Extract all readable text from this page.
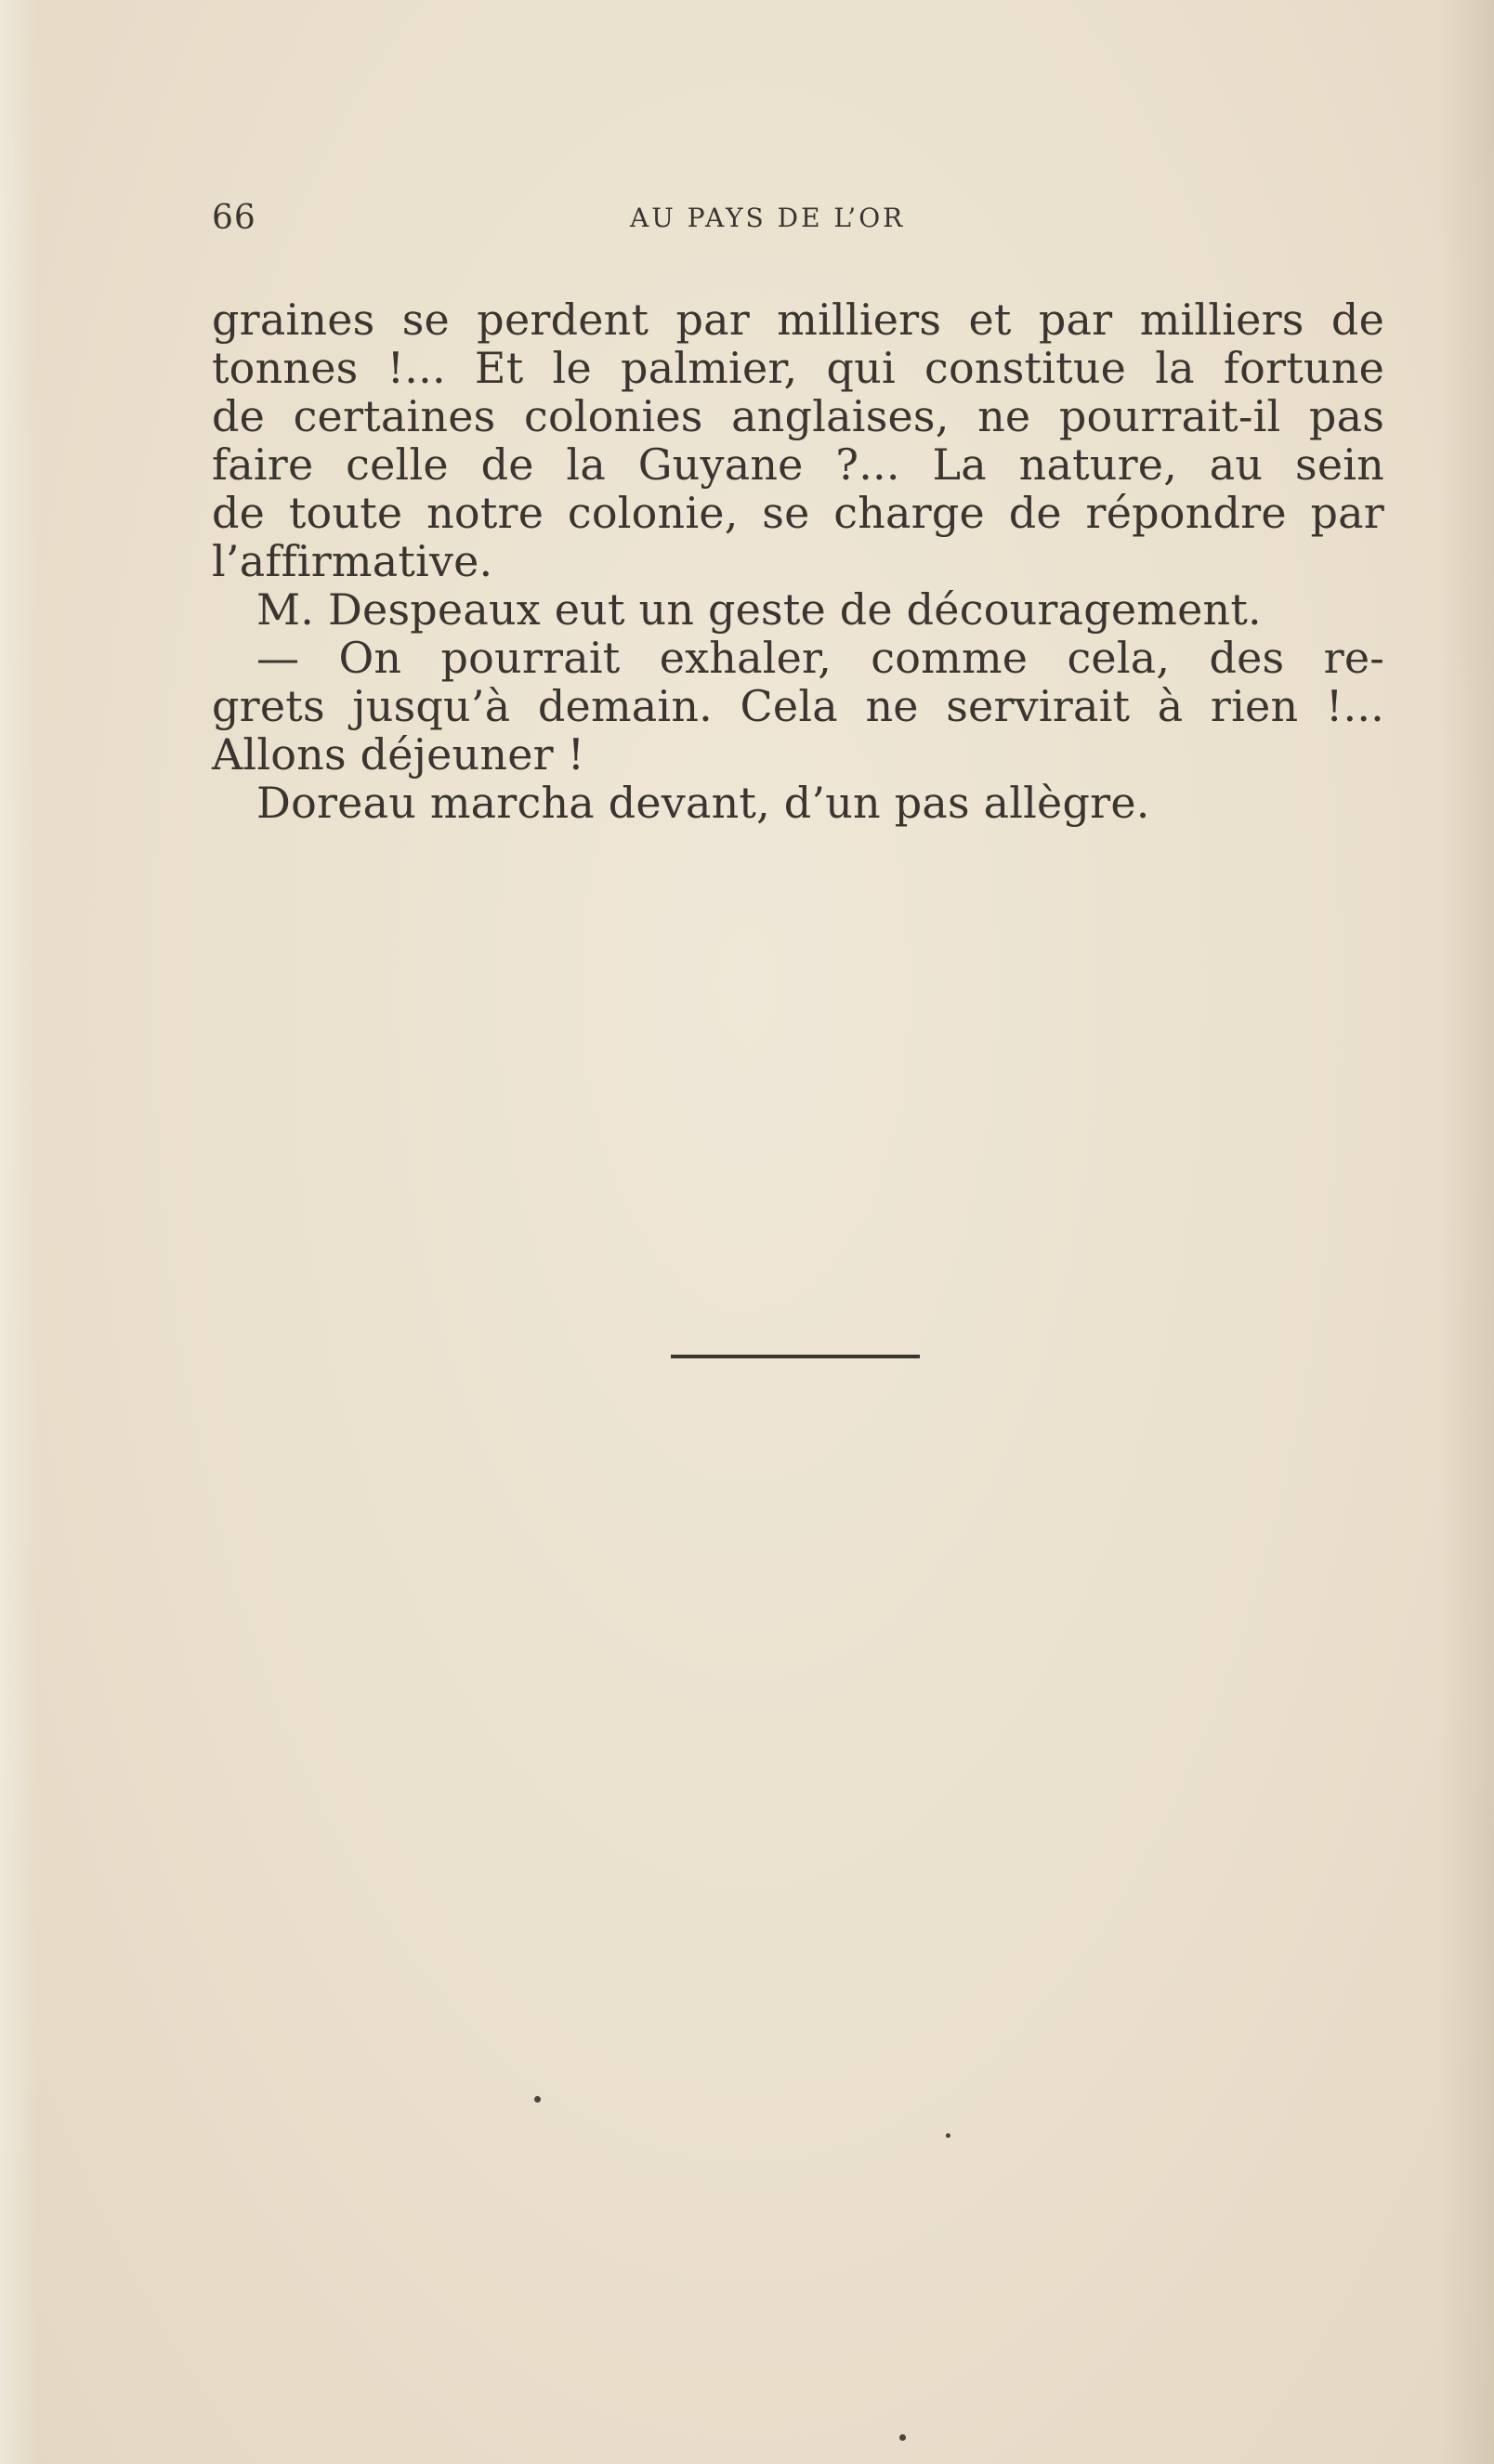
66	AU PAYS DE L’OR
graines se perdent par milliers et par milliers de
tonnes !... Et le palmier, qui constitue la fortune
de certaines colonies anglaises, ne pourrait-il pas
faire celle de la Guyane ?... La nature, au sein
de toute notre colonie, se charge de répondre par
l’affirmative.
M. Despeaux eut un geste de découragement.
— On pourrait exhaler, comme cela, des re-
grets jusqu’à demain. Cela ne servirait à rien !...
Allons déjeuner !
Doreau marcha devant, d’un pas allègre.
